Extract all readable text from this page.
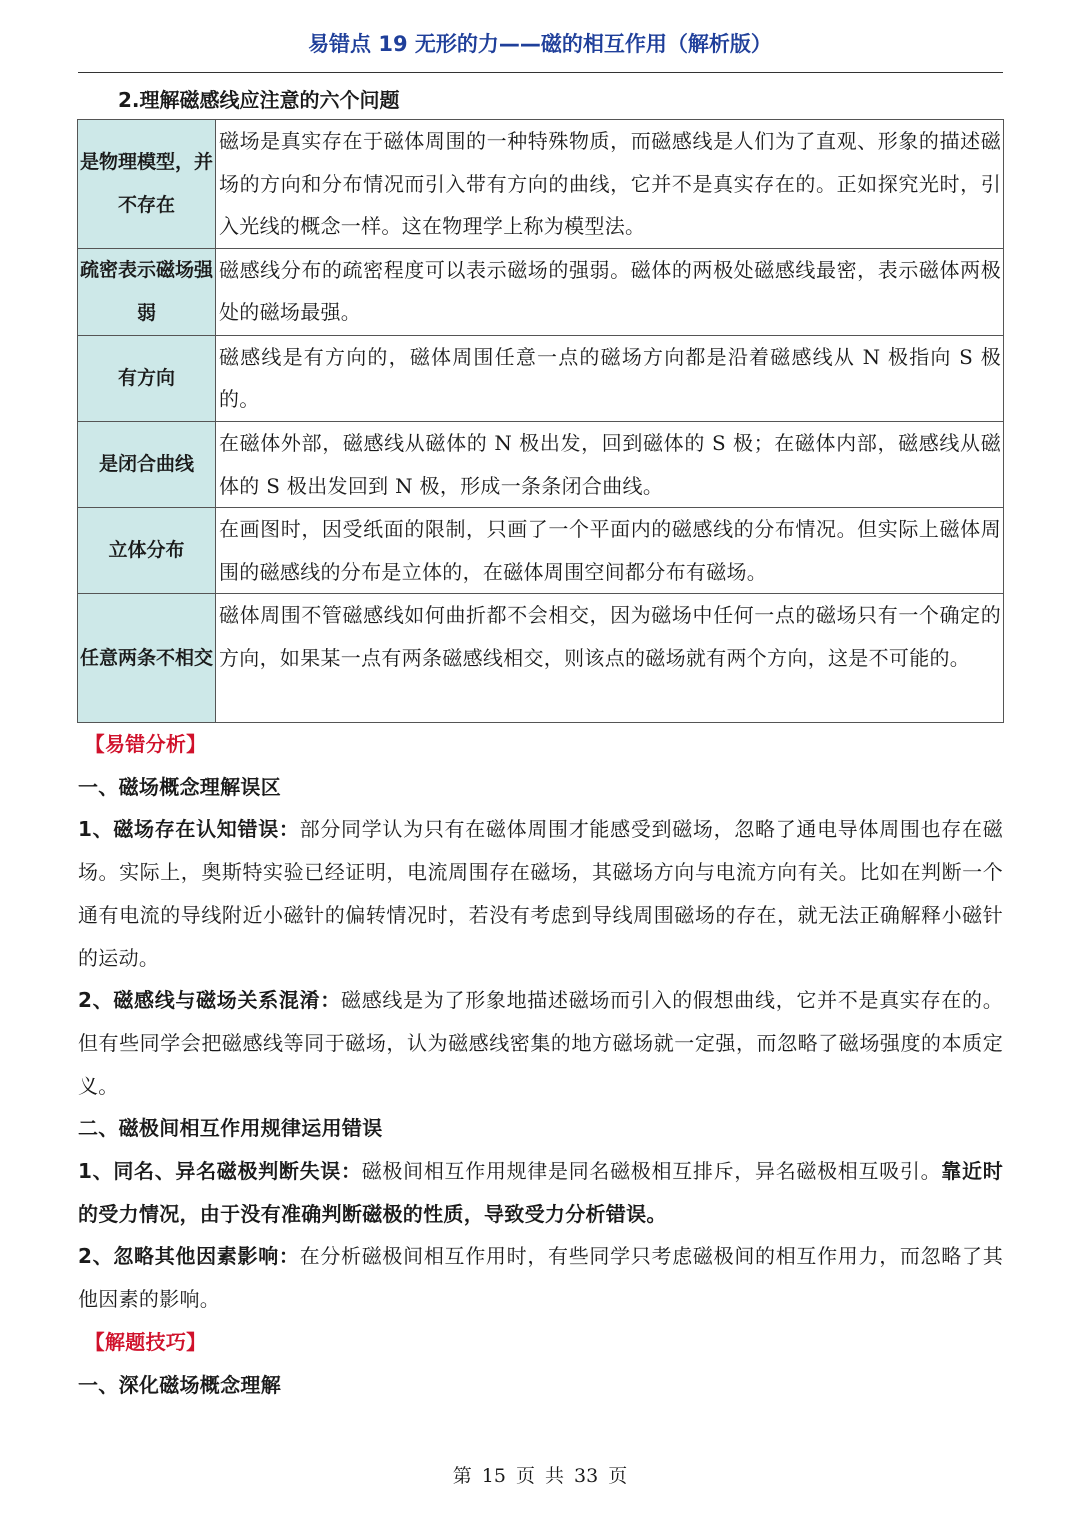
易错点 19 无形的力——磁的相互作用（解析版）
2.理解磁感线应注意的六个问题
是物理模型，并不存在	磁场是真实存在于磁体周围的一种特殊物质，而磁感线是人们为了直观、形象的描述磁场的方向和分布情况而引入带有方向的曲线，它并不是真实存在的。正如探究光时，引入光线的概念一样。这在物理学上称为模型法。
疏密表示磁场强弱	磁感线分布的疏密程度可以表示磁场的强弱。磁体的两极处磁感线最密，表示磁体两极处的磁场最强。
有方向	磁感线是有方向的，磁体周围任意一点的磁场方向都是沿着磁感线从 N 极指向 S 极的。
是闭合曲线	在磁体外部，磁感线从磁体的 N 极出发，回到磁体的 S 极；在磁体内部，磁感线从磁体的 S 极出发回到 N 极，形成一条条闭合曲线。
立体分布	在画图时，因受纸面的限制，只画了一个平面内的磁感线的分布情况。但实际上磁体周围的磁感线的分布是立体的，在磁体周围空间都分布有磁场。
任意两条不相交	磁体周围不管磁感线如何曲折都不会相交，因为磁场中任何一点的磁场只有一个确定的方向，如果某一点有两条磁感线相交，则该点的磁场就有两个方向，这是不可能的。

【易错分析】

一、磁场概念理解误区

1、磁场存在认知错误：部分同学认为只有在磁体周围才能感受到磁场，忽略了通电导体周围也存在磁场。实际上，奥斯特实验已经证明，电流周围存在磁场，其磁场方向与电流方向有关。比如在判断一个通有电流的导线附近小磁针的偏转情况时，若没有考虑到导线周围磁场的存在，就无法正确解释小磁针的运动。

2、磁感线与磁场关系混淆：磁感线是为了形象地描述磁场而引入的假想曲线，它并不是真实存在的。但有些同学会把磁感线等同于磁场，认为磁感线密集的地方磁场就一定强，而忽略了磁场强度的本质定义。

二、磁极间相互作用规律运用错误

1、同名、异名磁极判断失误：磁极间相互作用规律是同名磁极相互排斥，异名磁极相互吸引。靠近时的受力情况，由于没有准确判断磁极的性质，导致受力分析错误。

2、忽略其他因素影响：在分析磁极间相互作用时，有些同学只考虑磁极间的相互作用力，而忽略了其他因素的影响。

【解题技巧】

一、深化磁场概念理解

第 15 页 共 33 页
